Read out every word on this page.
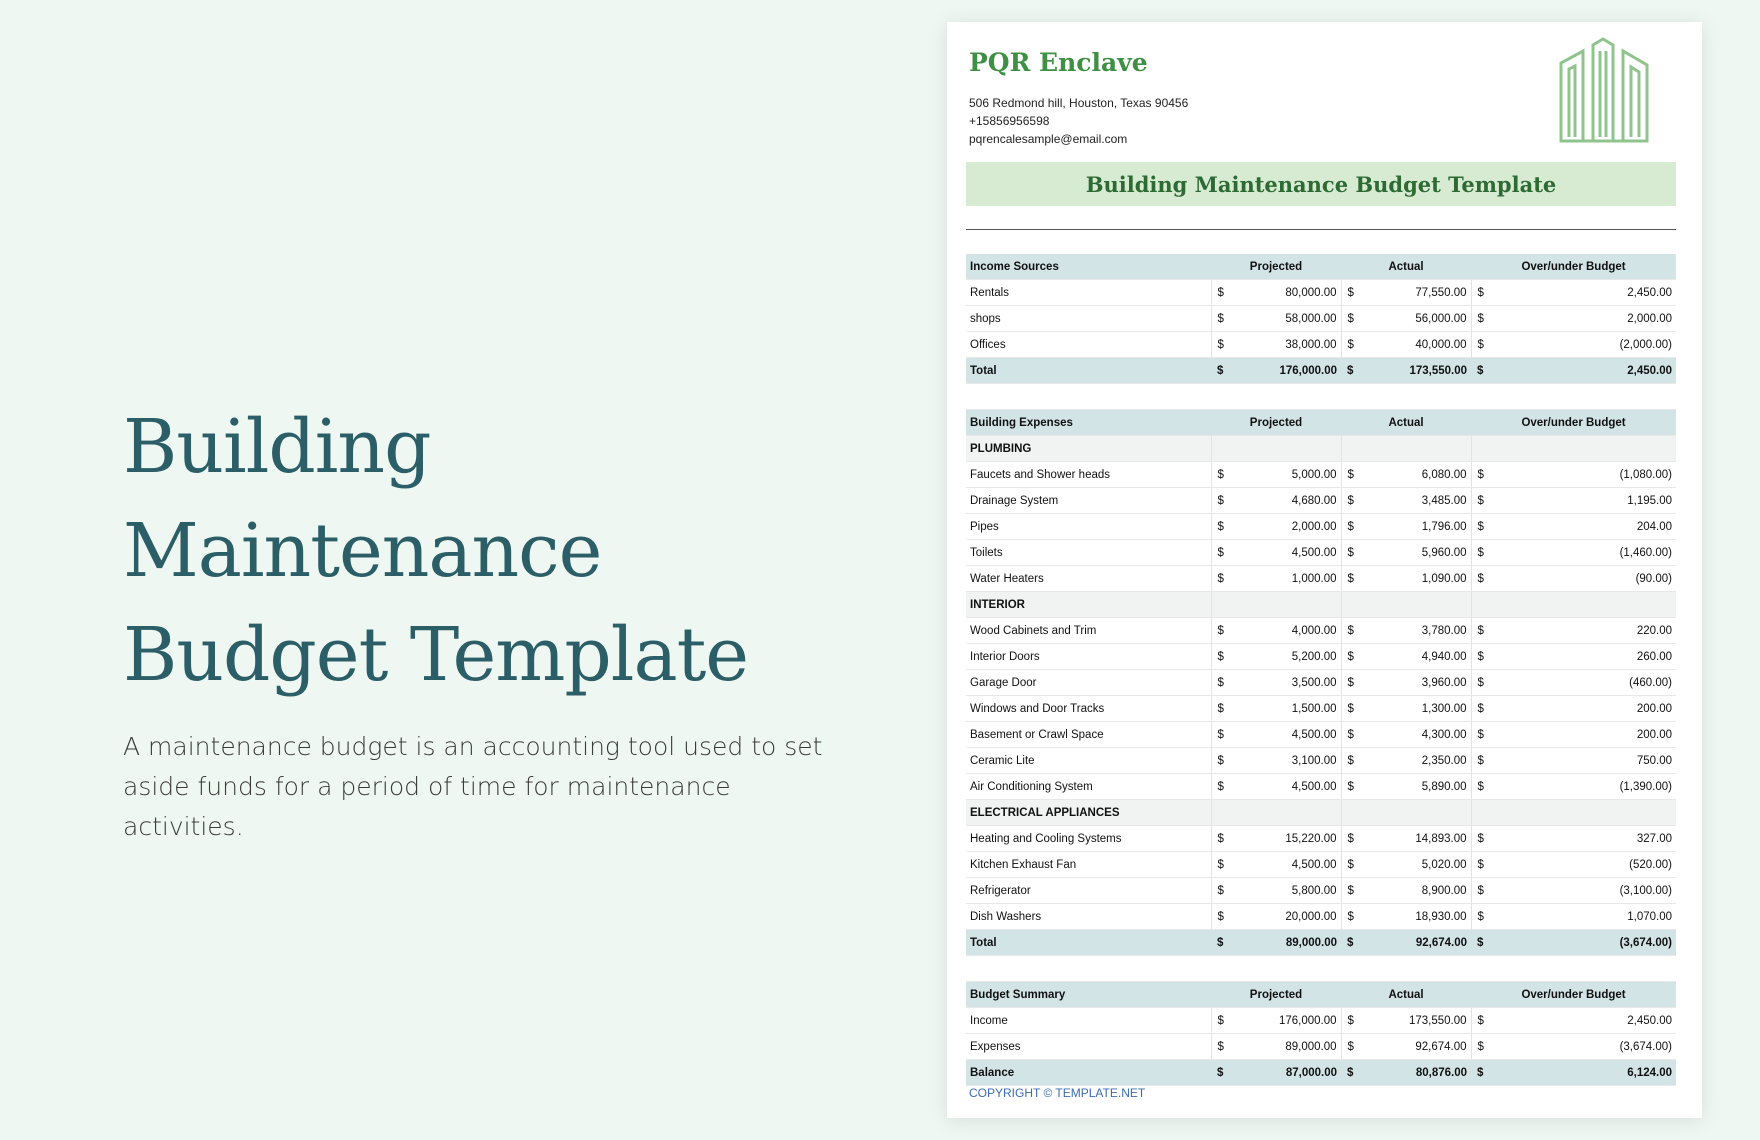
Building Maintenance
Budget Template

A maintenance budget is an accounting tool used to set aside funds for a period of time for maintenance activities.

PQR Enclave
506 Redmond hill, Houston, Texas 90456
+15856956598
pqrencalesample@email.com
Building Maintenance Budget Template
Income Sources	Projected		Actual		Over/under Budget	
Rentals	$	80,000.00	$	77,550.00	$	2,450.00
shops	$	58,000.00	$	56,000.00	$	2,000.00
Offices	$	38,000.00	$	40,000.00	$	(2,000.00)
Total	$	176,000.00	$	173,550.00	$	2,450.00

Building Expenses	Projected		Actual		Over/under Budget	
PLUMBING						
Faucets and Shower heads	$	5,000.00	$	6,080.00	$	(1,080.00)
Drainage System	$	4,680.00	$	3,485.00	$	1,195.00
Pipes	$	2,000.00	$	1,796.00	$	204.00
Toilets	$	4,500.00	$	5,960.00	$	(1,460.00)
Water Heaters	$	1,000.00	$	1,090.00	$	(90.00)
INTERIOR						
Wood Cabinets and Trim	$	4,000.00	$	3,780.00	$	220.00
Interior Doors	$	5,200.00	$	4,940.00	$	260.00
Garage Door	$	3,500.00	$	3,960.00	$	(460.00)
Windows and Door Tracks	$	1,500.00	$	1,300.00	$	200.00
Basement or Crawl Space	$	4,500.00	$	4,300.00	$	200.00
Ceramic Lite	$	3,100.00	$	2,350.00	$	750.00
Air Conditioning System	$	4,500.00	$	5,890.00	$	(1,390.00)
ELECTRICAL APPLIANCES						
Heating and Cooling Systems	$	15,220.00	$	14,893.00	$	327.00
Kitchen Exhaust Fan	$	4,500.00	$	5,020.00	$	(520.00)
Refrigerator	$	5,800.00	$	8,900.00	$	(3,100.00)
Dish Washers	$	20,000.00	$	18,930.00	$	1,070.00
Total	$	89,000.00	$	92,674.00	$	(3,674.00)

Budget Summary	Projected		Actual		Over/under Budget	
Income	$	176,000.00	$	173,550.00	$	2,450.00
Expenses	$	89,000.00	$	92,674.00	$	(3,674.00)
Balance	$	87,000.00	$	80,876.00	$	6,124.00
COPYRIGHT © TEMPLATE.NET
